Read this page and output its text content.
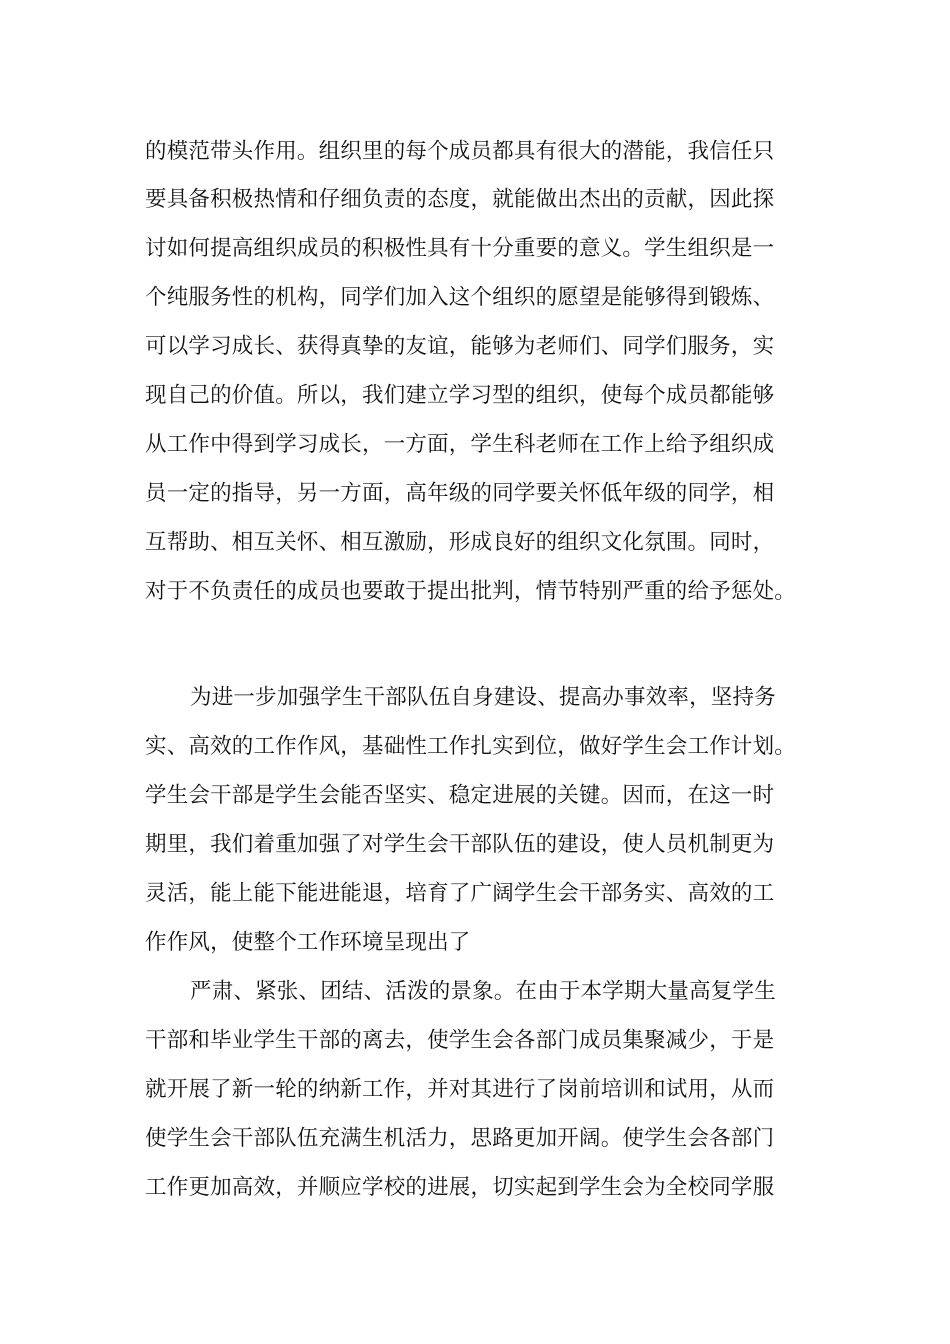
的模范带头作用。组织里的每个成员都具有很大的潜能，我信任只
要具备积极热情和仔细负责的态度，就能做出杰出的贡献，因此探
讨如何提高组织成员的积极性具有十分重要的意义。学生组织是一
个纯服务性的机构，同学们加入这个组织的愿望是能够得到锻炼、
可以学习成长、获得真挚的友谊，能够为老师们、同学们服务，实
现自己的价值。所以，我们建立学习型的组织，使每个成员都能够
从工作中得到学习成长，一方面，学生科老师在工作上给予组织成
员一定的指导，另一方面，高年级的同学要关怀低年级的同学，相
互帮助、相互关怀、相互激励，形成良好的组织文化氛围。同时，
对于不负责任的成员也要敢于提出批判，情节特别严重的给予惩处。
为进一步加强学生干部队伍自身建设、提高办事效率，坚持务
实、高效的工作作风，基础性工作扎实到位，做好学生会工作计划。
学生会干部是学生会能否坚实、稳定进展的关键。因而，在这一时
期里，我们着重加强了对学生会干部队伍的建设，使人员机制更为
灵活，能上能下能进能退，培育了广阔学生会干部务实、高效的工
作作风，使整个工作环境呈现出了
严肃、紧张、团结、活泼的景象。在由于本学期大量高复学生
干部和毕业学生干部的离去，使学生会各部门成员集聚减少，于是
就开展了新一轮的纳新工作，并对其进行了岗前培训和试用，从而
使学生会干部队伍充满生机活力，思路更加开阔。使学生会各部门
工作更加高效，并顺应学校的进展，切实起到学生会为全校同学服
